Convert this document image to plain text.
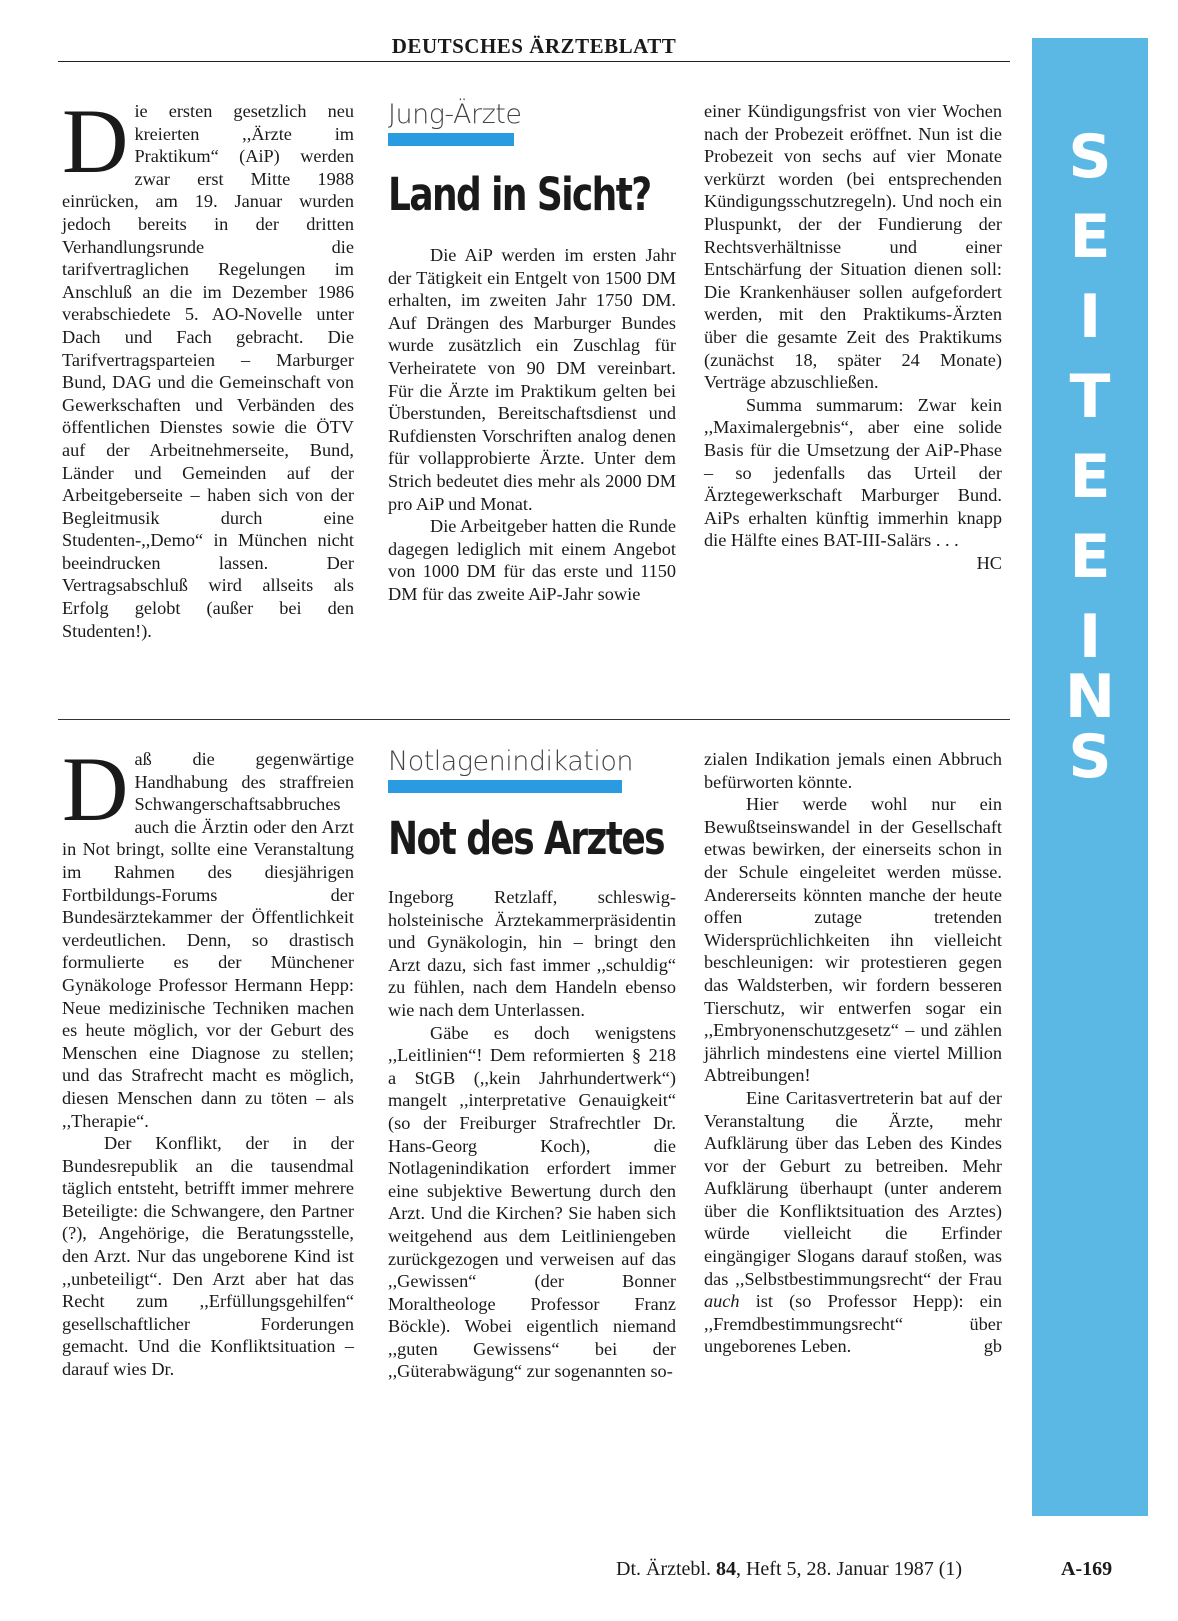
DEUTSCHES ÄRZTEBLATT
S
E
I
T
E
E
I
N
S

Die ersten gesetzlich neu kreierten ,,Ärzte im Praktikum“ (AiP) werden zwar erst Mitte 1988 einrücken, am 19. Januar wurden jedoch bereits in der dritten Verhandlungsrunde die tarifvertraglichen Regelungen im Anschluß an die im Dezember 1986 verabschiedete 5. AO-Novelle unter Dach und Fach gebracht. Die Tarifvertragsparteien – Marburger Bund, DAG und die Gemeinschaft von Gewerkschaften und Verbänden des öffentlichen Dienstes sowie die ÖTV auf der Arbeitnehmerseite, Bund, Länder und Gemeinden auf der Arbeitgeberseite – haben sich von der Begleitmusik durch eine Studenten-,,Demo“ in München nicht beeindrucken lassen. Der Vertragsabschluß wird allseits als Erfolg gelobt (außer bei den Studenten!).

Jung-Ärzte
Land in Sicht?

Die AiP werden im ersten Jahr der Tätigkeit ein Entgelt von 1500 DM erhalten, im zweiten Jahr 1750 DM. Auf Drängen des Marburger Bundes wurde zusätzlich ein Zuschlag für Verheiratete von 90 DM vereinbart. Für die Ärzte im Praktikum gelten bei Überstunden, Bereitschaftsdienst und Rufdiensten Vorschriften analog denen für vollapprobierte Ärzte. Unter dem Strich bedeutet dies mehr als 2000 DM pro AiP und Monat.

Die Arbeitgeber hatten die Runde dagegen lediglich mit einem Angebot von 1000 DM für das erste und 1150 DM für das zweite AiP-Jahr sowie

einer Kündigungsfrist von vier Wochen nach der Probezeit eröffnet. Nun ist die Probezeit von sechs auf vier Monate verkürzt worden (bei entsprechenden Kündigungsschutzregeln). Und noch ein Pluspunkt, der der Fundierung der Rechtsverhältnisse und einer Entschärfung der Situation dienen soll: Die Krankenhäuser sollen aufgefordert werden, mit den Praktikums-Ärzten über die gesamte Zeit des Praktikums (zunächst 18, später 24 Monate) Verträge abzuschließen.

Summa summarum: Zwar kein ,,Maximalergebnis“, aber eine solide Basis für die Umsetzung der AiP-Phase – so jedenfalls das Urteil der Ärztegewerkschaft Marburger Bund. AiPs erhalten künftig immerhin knapp die Hälfte eines BAT-III-Salärs . . .
HC

Daß die gegenwärtige Handhabung des straffreien Schwangerschaftsabbruches auch die Ärztin oder den Arzt in Not bringt, sollte eine Veranstaltung im Rahmen des diesjährigen Fortbildungs-Forums der Bundesärztekammer der Öffentlichkeit verdeutlichen. Denn, so drastisch formulierte es der Münchener Gynäkologe Professor Hermann Hepp: Neue medizinische Techniken machen es heute möglich, vor der Geburt des Menschen eine Diagnose zu stellen; und das Strafrecht macht es möglich, diesen Menschen dann zu töten – als ,,Therapie“.

Der Konflikt, der in der Bundesrepublik an die tausendmal täglich entsteht, betrifft immer mehrere Beteiligte: die Schwangere, den Partner (?), Angehörige, die Beratungsstelle, den Arzt. Nur das ungeborene Kind ist ,,unbeteiligt“. Den Arzt aber hat das Recht zum ,,Erfüllungsgehilfen“ gesellschaftlicher Forderungen gemacht. Und die Konfliktsituation – darauf wies Dr.

Notlagenindikation
Not des Arztes

Ingeborg Retzlaff, schleswig-holsteinische Ärztekammerpräsidentin und Gynäkologin, hin – bringt den Arzt dazu, sich fast immer ,,schuldig“ zu fühlen, nach dem Handeln ebenso wie nach dem Unterlassen.

Gäbe es doch wenigstens ,,Leitlinien“! Dem reformierten § 218 a StGB (,,kein Jahrhundertwerk“) mangelt ,,interpretative Genauigkeit“ (so der Freiburger Strafrechtler Dr. Hans-Georg Koch), die Notlagenindikation erfordert immer eine subjektive Bewertung durch den Arzt. Und die Kirchen? Sie haben sich weitgehend aus dem Leitliniengeben zurückgezogen und verweisen auf das ,,Gewissen“ (der Bonner Moraltheologe Professor Franz Böckle). Wobei eigentlich niemand ,,guten Gewissens“ bei der ,,Güterabwägung“ zur sogenannten so-

zialen Indikation jemals einen Abbruch befürworten könnte.

Hier werde wohl nur ein Bewußtseinswandel in der Gesellschaft etwas bewirken, der einerseits schon in der Schule eingeleitet werden müsse. Andererseits könnten manche der heute offen zutage tretenden Widersprüchlichkeiten ihn vielleicht beschleunigen: wir protestieren gegen das Waldsterben, wir fordern besseren Tierschutz, wir entwerfen sogar ein ,,Embryonenschutzgesetz“ – und zählen jährlich mindestens eine viertel Million Abtreibungen!

Eine Caritasvertreterin bat auf der Veranstaltung die Ärzte, mehr Aufklärung über das Leben des Kindes vor der Geburt zu betreiben. Mehr Aufklärung überhaupt (unter anderem über die Konfliktsituation des Arztes) würde vielleicht die Erfinder eingängiger Slogans darauf stoßen, was das ,,Selbstbestimmungsrecht“ der Frau auch ist (so Professor Hepp): ein ,,Fremdbestimmungsrecht“ über ungeborenes Leben.	gb

Dt. Ärztebl. 84, Heft 5, 28. Januar 1987 (1)	A-169
